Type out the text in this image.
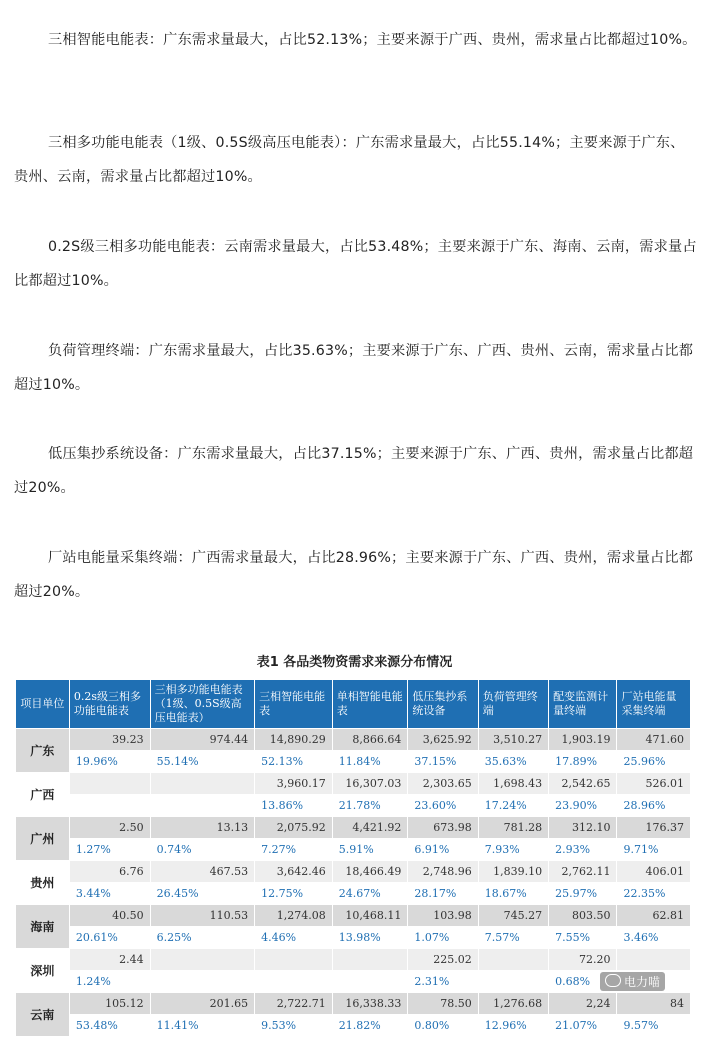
三相智能电能表：广东需求量最大，占比52.13%；主要来源于广西、贵州，需求量占比都超过10%。
三相多功能电能表（1级、0.5S级高压电能表）：广东需求量最大，占比55.14%；主要来源于广东、贵州、云南，需求量占比都超过10%。
0.2S级三相多功能电能表：云南需求量最大，占比53.48%；主要来源于广东、海南、云南，需求量占比都超过10%。
负荷管理终端：广东需求量最大，占比35.63%；主要来源于广东、广西、贵州、云南，需求量占比都超过10%。
低压集抄系统设备：广东需求量最大，占比37.15%；主要来源于广东、广西、贵州，需求量占比都超过20%。
厂站电能量采集终端：广西需求量最大，占比28.96%；主要来源于广东、广西、贵州，需求量占比都超过20%。
表1 各品类物资需求来源分布情况
项目单位	0.2s级三相多功能电能表	三相多功能电能表（1级、0.5S级高压电能表）	三相智能电能表	单相智能电能表	低压集抄系统设备	负荷管理终端	配变监测计量终端	厂站电能量采集终端
广东	39.23	974.44	14,890.29	8,866.64	3,625.92	3,510.27	1,903.19	471.60
	19.96%	55.14%	52.13%	11.84%	37.15%	35.63%	17.89%	25.96%
广西			3,960.17	16,307.03	2,303.65	1,698.43	2,542.65	526.01
			13.86%	21.78%	23.60%	17.24%	23.90%	28.96%
广州	2.50	13.13	2,075.92	4,421.92	673.98	781.28	312.10	176.37
	1.27%	0.74%	7.27%	5.91%	6.91%	7.93%	2.93%	9.71%
贵州	6.76	467.53	3,642.46	18,466.49	2,748.96	1,839.10	2,762.11	406.01
	3.44%	26.45%	12.75%	24.67%	28.17%	18.67%	25.97%	22.35%
海南	40.50	110.53	1,274.08	10,468.11	103.98	745.27	803.50	62.81
	20.61%	6.25%	4.46%	13.98%	1.07%	7.57%	7.55%	3.46%
深圳	2.44				225.02		72.20	
	1.24%				2.31%		0.68%	
云南	105.12	201.65	2,722.71	16,338.33	78.50	1,276.68	2,24	84
	53.48%	11.41%	9.53%	21.82%	0.80%	12.96%	21.07%	9.57%
电力喵
